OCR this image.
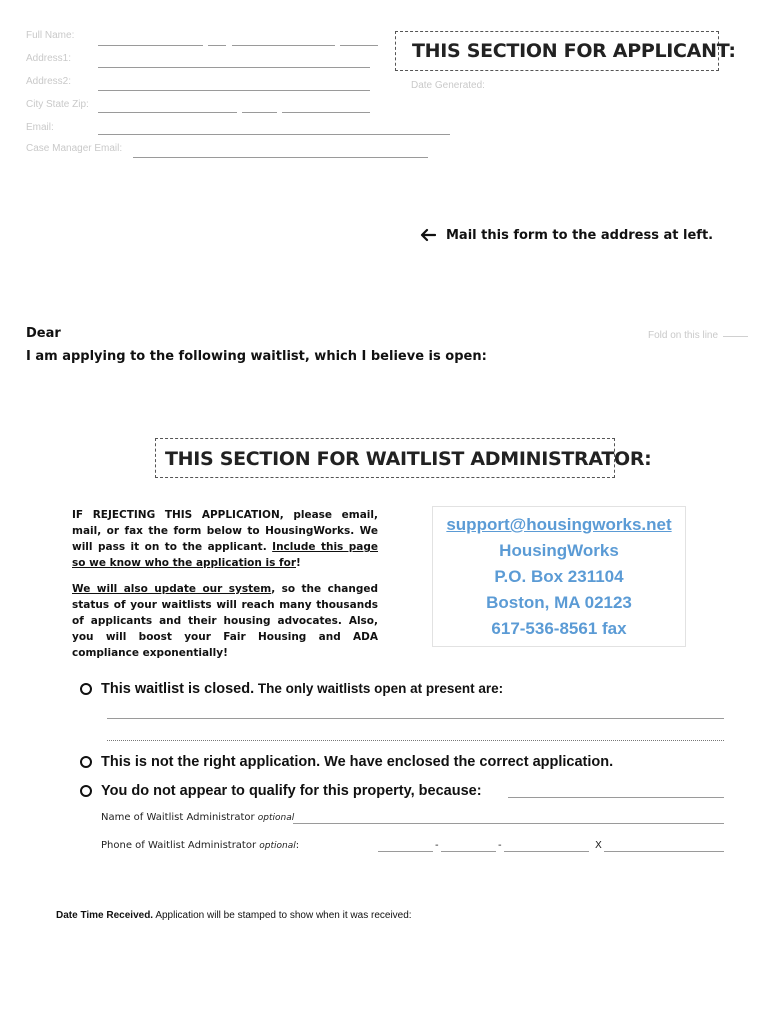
Full Name:
Address1:
Address2:
City State Zip:
Email:
Case Manager Email:
THIS SECTION FOR APPLICANT:
Date Generated:
Mail this form to the address at left.
Dear
I am applying to the following waitlist, which I believe is open:
Fold on this line
THIS SECTION FOR WAITLIST ADMINISTRATOR:
IF REJECTING THIS APPLICATION, please email, mail, or fax the form below to HousingWorks. We will pass it on to the applicant. Include this page so we know who the application is for!
We will also update our system, so the changed status of your waitlists will reach many thousands of applicants and their housing advocates. Also, you will boost your Fair Housing and ADA compliance exponentially!
support@housingworks.net
HousingWorks
P.O. Box 231104
Boston, MA 02123
617-536-8561 fax
This waitlist is closed. The only waitlists open at present are:
This is not the right application. We have enclosed the correct application.
You do not appear to qualify for this property, because:
Name of Waitlist Administrator optional
Phone of Waitlist Administrator optional:	-	-	X
Date Time Received. Application will be stamped to show when it was received:
